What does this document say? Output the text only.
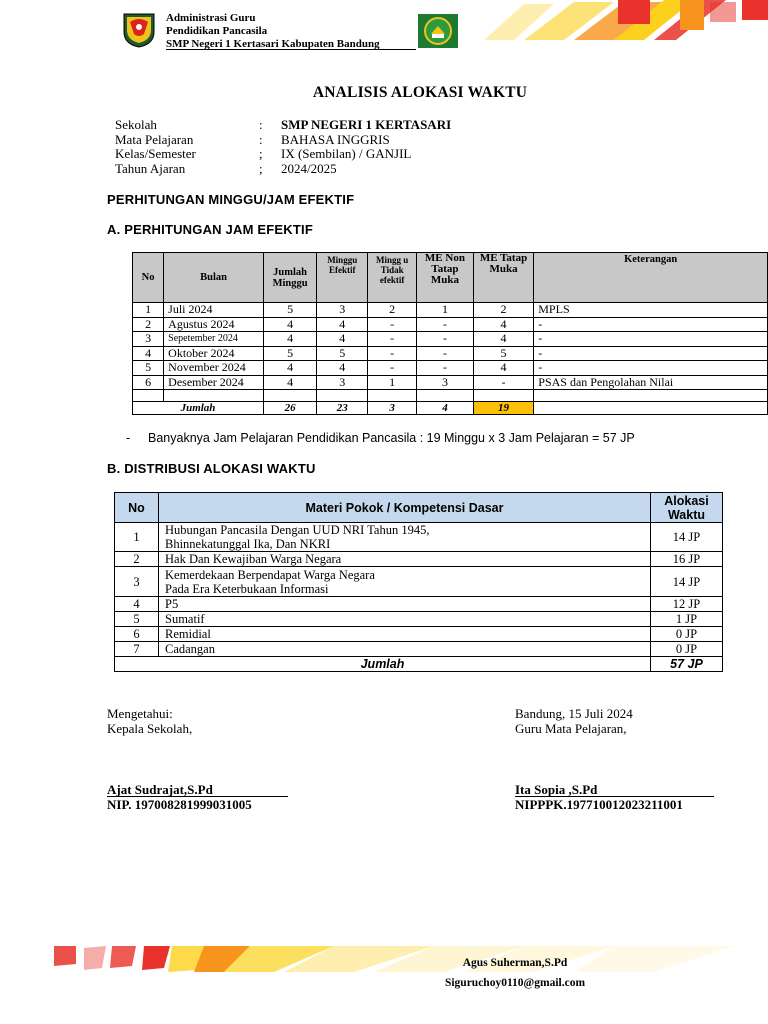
Administrasi Guru
Pendidikan Pancasila
SMP Negeri 1 Kertasari Kabupaten Bandung
ANALISIS ALOKASI WAKTU
Sekolah	:	SMP NEGERI 1 KERTASARI
Mata Pelajaran	:	BAHASA INGGRIS
Kelas/Semester	;	IX (Sembilan) / GANJIL
Tahun Ajaran	;	2024/2025
PERHITUNGAN MINGGU/JAM EFEKTIF
A. PERHITUNGAN JAM EFEKTIF
No	Bulan	Jumlah Minggu	Minggu Efektif	Mingg u Tidak efektif	ME Non Tatap Muka	ME Tatap Muka	Keterangan
1	Juli 2024	5	3	2	1	2	MPLS
2	Agustus 2024	4	4	-	-	4	-
3	Sepetember 2024	4	4	-	-	4	-
4	Oktober 2024	5	5	-	-	5	-
5	November 2024	4	4	-	-	4	-
6	Desember 2024	4	3	1	3	-	PSAS dan Pengolahan Nilai

Jumlah		26	23	3	4	19	
- Banyaknya Jam Pelajaran Pendidikan Pancasila : 19 Minggu x 3 Jam Pelajaran = 57 JP
B. DISTRIBUSI ALOKASI WAKTU
No	Materi Pokok / Kompetensi Dasar	Alokasi
Waktu

1	Hubungan Pancasila Dengan UUD NRI Tahun 1945,
Bhinnekatunggal Ika, Dan NKRI	14 JP
2	Hak Dan Kewajiban Warga Negara	16 JP
3	Kemerdekaan Berpendapat Warga Negara
Pada Era Keterbukaan Informasi	14 JP
4	P5	12 JP
5	Sumatif	1 JP
6	Remidial	0 JP
7	Cadangan	0 JP
Jumlah		57 JP
Mengetahui:
Kepala Sekolah,
Bandung, 15 Juli 2024
Guru Mata Pelajaran,
Ajat Sudrajat,S.Pd
NIP. 197008281999031005
Ita Sopia ,S.Pd
NIPPPK.197710012023211001
Agus Suherman,S.Pd
Siguruchoy0110@gmail.com
